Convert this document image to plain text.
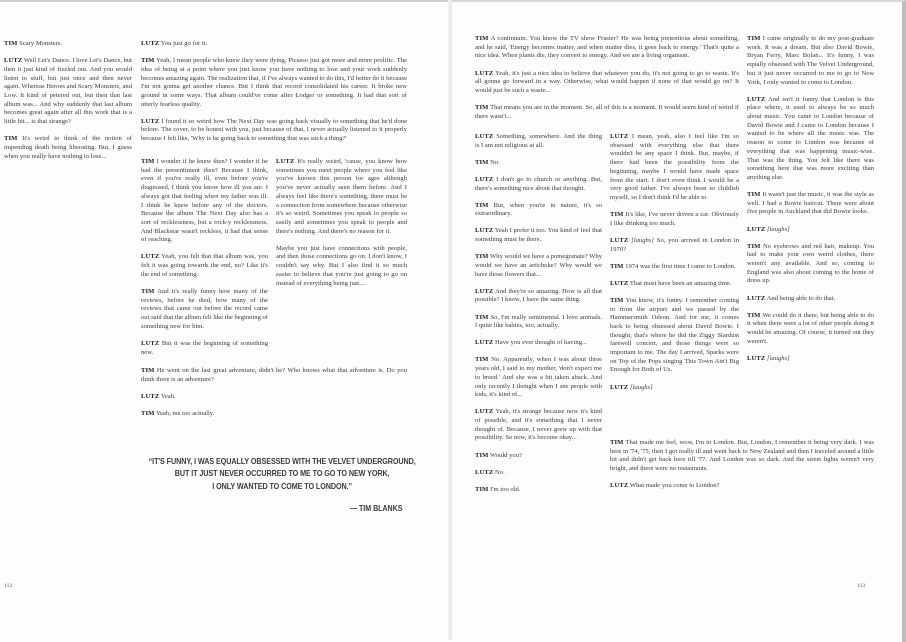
TIM Scary Monsters.

LUTZ Well Let's Dance. I love Let's Dance, but then it just kind of fizzled out. And you would listen to stuff, but just once and then never again. Whereas Heroes and Scary Monsters, and Low. It kind of petered out, but then that last album was... And why suddenly that last album becomes great again after all this work that is a little bit... is that strange?

TIM It's weird to think of the notion of impending death being liberating. But, I guess when you really have nothing to lose...

LUTZ You just go for it.

TIM Yeah, I mean people who knew they were dying, Picasso just got more and more prolific. The idea of being at a point where you just know you have nothing to lose and your work suddenly becomes amazing again. The realization that, if I've always wanted to do this, I'd better do it because I'm not gonna get another chance. But I think that record consolidated his career. It broke new ground in some ways. That album could've come after Lodger or something. It had that sort of utterly fearless quality.

LUTZ I found it so weird how The Next Day was going back visually to something that he'd done before. The cover, to be honest with you, just because of that, I never actually listened to it properly because I felt like, 'Why is he going back to something that was such a thing?'

TIM I wonder if he knew then? I wonder if he had the presentiment then? Because I think, even if you're really ill, even before you're diagnosed, I think you know how ill you are. I always got that feeling when my father was ill. I think he knew before any of the doctors. Because the album The Next Day also has a sort of recklessness, but a rock-y recklessness. And Blackstar wasn't reckless, it had that sense of reaching.

LUTZ Yeah, you felt that that album was, you felt it was going towards the end, no? Like it's the end of something.

TIM And it's really funny how many of the reviews, before he died, how many of the reviews that came out before the record came out said that the album felt like the beginning of something new for him.

LUTZ But it was the beginning of something new.

LUTZ It's really weird, 'cause, you know how sometimes you meet people where you feel like you've known this person for ages although you've never actually seen them before. And I always feel like there's something, there must be a connection from somewhere because otherwise it's so weird. Sometimes you speak to people so easily and sometimes you speak to people and there's nothing. And there's no reason for it.

Maybe you just have connections with people, and then those connections go on. I don't know, I couldn't say why. But I also find it so much easier to believe that you're just going to go on instead of everything being just....

TIM He went on the last great adventure, didn't he? Who knows what that adventure is. Do you think there is an adventure?

LUTZ Yeah.

TIM Yeah, me too actually.

“IT'S FUNNY, I WAS EQUALLY OBSESSED WITH THE VELVET UNDERGROUND,
BUT IT JUST NEVER OCCURRED TO ME TO GO TO NEW YORK,
I ONLY WANTED TO COME TO LONDON.”
— TIM BLANKS
112

TIM A continuum. You know the TV show Frasier? He was being pretentious about something, and he said, 'Energy becomes matter, and when matter dies, it goes back to energy.' That's quite a nice idea. When plants die, they convert to energy. And we are a living organism.

LUTZ Yeah, it's just a nice idea to believe that whatever you do, it's not going to go to waste. It's all gonna go forward in a way. Otherwise, what would happen if none of that would go on? It would just be such a waste...

TIM That means you are in the moment. So, all of this is a moment. It would seem kind of weird if there wasn't...

LUTZ Something, somewhere. And the thing is I am not religious at all.

TIM No.

LUTZ I don't go to church or anything. But, there's something nice about that thought.

TIM But, when you're in nature, it's so extraordinary.

LUTZ Yeah I prefer it too. You kind of feel that something must be there.

TIM Why would we have a pomegranate? Why would we have an artichoke? Why would we have those flowers that...

LUTZ And they're so amazing. How is all that possible? I know, I have the same thing.

TIM So, I'm really sentimental. I love animals. I quite like babies, too, actually.

LUTZ Have you ever thought of having...

TIM No. Apparently, when I was about three years old, I said to my mother, 'don't expect me to breed.' And she was a bit taken aback. And only recently I thought when I see people with kids, it's kind of...

LUTZ Yeah, it's strange because now it's kind of possible, and it's something that I never thought of. Because, I never grew up with that possibility. So now, it's become okay...

TIM Would you?

LUTZ No.

TIM I'm too old.

LUTZ I mean, yeah, also I feel like I'm so obsessed with everything else that there wouldn't be any space I think. But, maybe, if there had been the possibility from the beginning, maybe I would have made space from the start. I don't even think I would be a very good father. I've always been so childish myself, so I don't think I'd be able to.

TIM It's like, I've never driven a car. Obviously I like drinking too much.

LUTZ [laughs] So, you arrived in London in 1970?

TIM 1974 was the first time I came to London.

LUTZ That must have been an amazing time.

TIM You know, it's funny. I remember coming in from the airport and we passed by the Hammersmith Odeon. And for me, it comes back to being obsessed about David Bowie. I thought, that's where he did the Ziggy Stardust farewell concert, and those things were so important to me. The day I arrived, Sparks were on Top of the Pops singing This Town Ain't Big Enough for Both of Us.

LUTZ [laughs]

TIM That made me feel, wow, I'm in London. But, London, I remember it being very dark. I was here in '74, '75, then I got really ill and went back to New Zealand and then I traveled around a little bit and didn't get back here till '77. And London was so dark. And the street lights weren't very bright, and there were no restaurants.

LUTZ What made you come to London?

TIM I came originally to do my post-graduate work. It was a dream. But also David Bowie, Bryan Ferry, Marc Bolan... It's funny, I was equally obsessed with The Velvet Underground, but it just never occurred to me to go to New York, I only wanted to come to London.

LUTZ And isn't it funny that London is this place where, it used to always be so much about music. You came to London because of David Bowie and I came to London because I wanted to be where all the music was. The reason to come to London was because of everything that was happening music-wise. That was the thing. You felt like there was something here that was more exciting than anything else.

TIM It wasn't just the music, it was the style as well. I had a Bowie haircut. There were about five people in Auckland that did Bowie looks.

LUTZ [laughs]

TIM No eyebrows and red hair, makeup. You had to make your own weird clothes, there weren't any available. And so, coming to England was also about coming to the home of dress up.

LUTZ And being able to do that.

TIM We could do it there, but being able to do it when there were a lot of other people doing it would be amazing. Of course, it turned out they weren't.

LUTZ [laughs]

113
